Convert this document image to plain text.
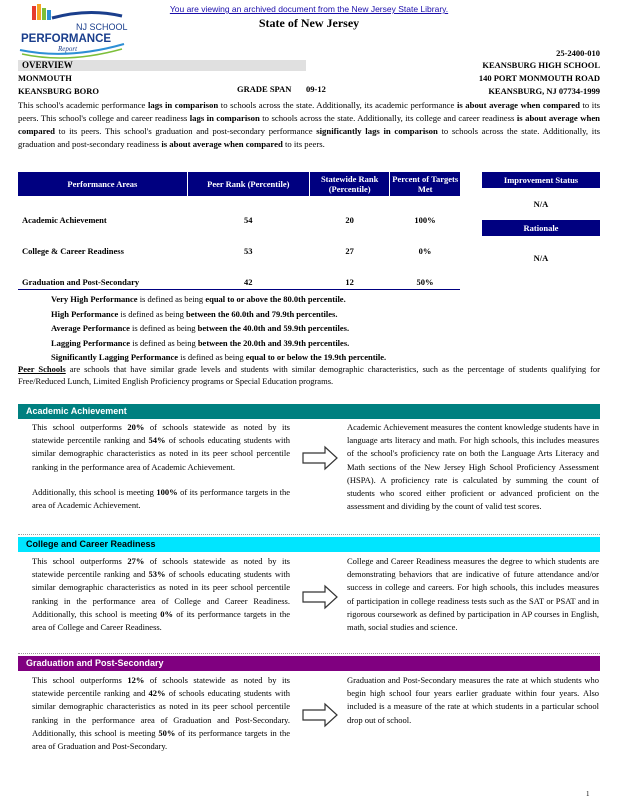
You are viewing an archived document from the New Jersey State Library.
State of New Jersey
NJ SCHOOL
PERFORMANCE
Report	25-2400-010
OVERVIEW	KEANSBURG HIGH SCHOOL
MONMOUTH	140 PORT MONMOUTH ROAD
KEANSBURG BORO	GRADE SPAN 09-12	KEANSBURG, NJ 07734-1999
This school's academic performance lags in comparison to schools across the state. Additionally, its academic performance is about average when compared to its peers. This school's college and career readiness lags in comparison to schools across the state. Additionally, its college and career readiness is about average when compared to its peers. This school's graduation and post-secondary performance significantly lags in comparison to schools across the state. Additionally, its graduation and post-secondary readiness is about average when compared to its peers.
Performance Areas	Peer Rank (Percentile)	Statewide Rank (Percentile)	Percent of Targets Met
Academic Achievement	54	20	100%
College & Career Readiness	53	27	0%
Graduation and Post-Secondary	42	12	50%
Improvement Status
N/A
Rationale
N/A
Very High Performance is defined as being equal to or above the 80.0th percentile.
High Performance is defined as being between the 60.0th and 79.9th percentiles.
Average Performance is defined as being between the 40.0th and 59.9th percentiles.
Lagging Performance is defined as being between the 20.0th and 39.9th percentiles.
Significantly Lagging Performance is defined as being equal to or below the 19.9th percentile.
Peer Schools are schools that have similar grade levels and students with similar demographic characteristics, such as the percentage of students qualifying for Free/Reduced Lunch, Limited English Proficiency programs or Special Education programs.
Academic Achievement
This school outperforms 20% of schools statewide as noted by its statewide percentile ranking and 54% of schools educating students with similar demographic characteristics as noted in its peer school percentile ranking in the performance area of Academic Achievement.
Additionally, this school is meeting 100% of its performance targets in the area of Academic Achievement.
Academic Achievement measures the content knowledge students have in language arts literacy and math. For high schools, this includes measures of the school's proficiency rate on both the Language Arts Literacy and Math sections of the New Jersey High School Proficiency Assessment (HSPA). A proficiency rate is calculated by summing the count of students who scored either proficient or advanced proficient on the assessment and dividing by the count of valid test scores.
College and Career Readiness
This school outperforms 27% of schools statewide as noted by its statewide percentile ranking and 53% of schools educating students with similar demographic characteristics as noted in its peer school percentile ranking in the performance area of College and Career Readiness. Additionally, this school is meeting 0% of its performance targets in the area of College and Career Readiness.
College and Career Readiness measures the degree to which students are demonstrating behaviors that are indicative of future attendance and/or success in college and careers. For high schools, this includes measures of participation in college readiness tests such as the SAT or PSAT and in rigorous coursework as defined by participation in AP courses in English, math, social studies and science.
Graduation and Post-Secondary
This school outperforms 12% of schools statewide as noted by its statewide percentile ranking and 42% of schools educating students with similar demographic characteristics as noted in its peer school percentile ranking in the performance area of Graduation and Post-Secondary. Additionally, this school is meeting 50% of its performance targets in the area of Graduation and Post-Secondary.
Graduation and Post-Secondary measures the rate at which students who begin high school four years earlier graduate within four years. Also included is a measure of the rate at which students in a particular school drop out of school.
1
